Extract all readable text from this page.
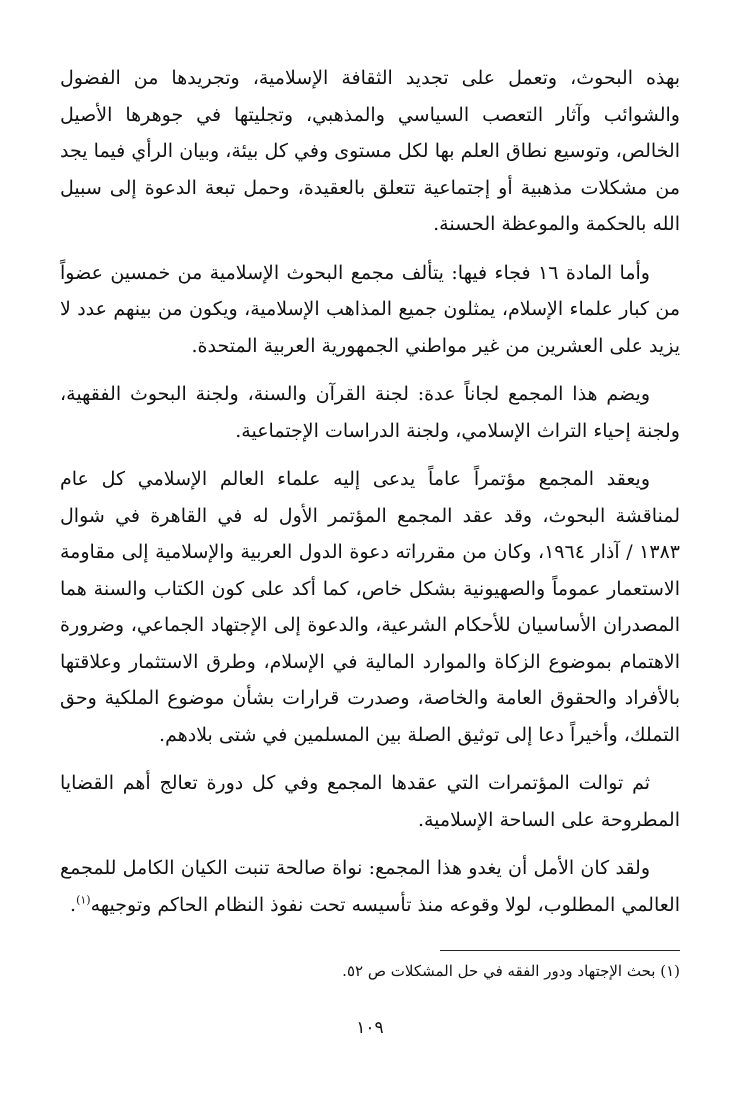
بهذه البحوث، وتعمل على تجديد الثقافة الإسلامية، وتجريدها من الفضول والشوائب وآثار التعصب السياسي والمذهبي، وتجليتها في جوهرها الأصيل الخالص، وتوسيع نطاق العلم بها لكل مستوى وفي كل بيئة، وبيان الرأي فيما يجد من مشكلات مذهبية أو إجتماعية تتعلق بالعقيدة، وحمل تبعة الدعوة إلى سبيل الله بالحكمة والموعظة الحسنة.

وأما المادة ١٦ فجاء فيها: يتألف مجمع البحوث الإسلامية من خمسين عضواً من كبار علماء الإسلام، يمثلون جميع المذاهب الإسلامية، ويكون من بينهم عدد لا يزيد على العشرين من غير مواطني الجمهورية العربية المتحدة.

ويضم هذا المجمع لجاناً عدة: لجنة القرآن والسنة، ولجنة البحوث الفقهية، ولجنة إحياء التراث الإسلامي، ولجنة الدراسات الإجتماعية.

ويعقد المجمع مؤتمراً عاماً يدعى إليه علماء العالم الإسلامي كل عام لمناقشة البحوث، وقد عقد المجمع المؤتمر الأول له في القاهرة في شوال ١٣٨٣ / آذار ١٩٦٤، وكان من مقرراته دعوة الدول العربية والإسلامية إلى مقاومة الاستعمار عموماً والصهيونية بشكل خاص، كما أكد على كون الكتاب والسنة هما المصدران الأساسيان للأحكام الشرعية، والدعوة إلى الإجتهاد الجماعي، وضرورة الاهتمام بموضوع الزكاة والموارد المالية في الإسلام، وطرق الاستثمار وعلاقتها بالأفراد والحقوق العامة والخاصة، وصدرت قرارات بشأن موضوع الملكية وحق التملك، وأخيراً دعا إلى توثيق الصلة بين المسلمين في شتى بلادهم.

ثم توالت المؤتمرات التي عقدها المجمع وفي كل دورة تعالج أهم القضايا المطروحة على الساحة الإسلامية.

ولقد كان الأمل أن يغدو هذا المجمع: نواة صالحة تنبت الكيان الكامل للمجمع العالمي المطلوب، لولا وقوعه منذ تأسيسه تحت نفوذ النظام الحاكم وتوجيهه$^{(١)}$.

(١) بحث الإجتهاد ودور الفقه في حل المشكلات ص ٥٢.
١٠٩
